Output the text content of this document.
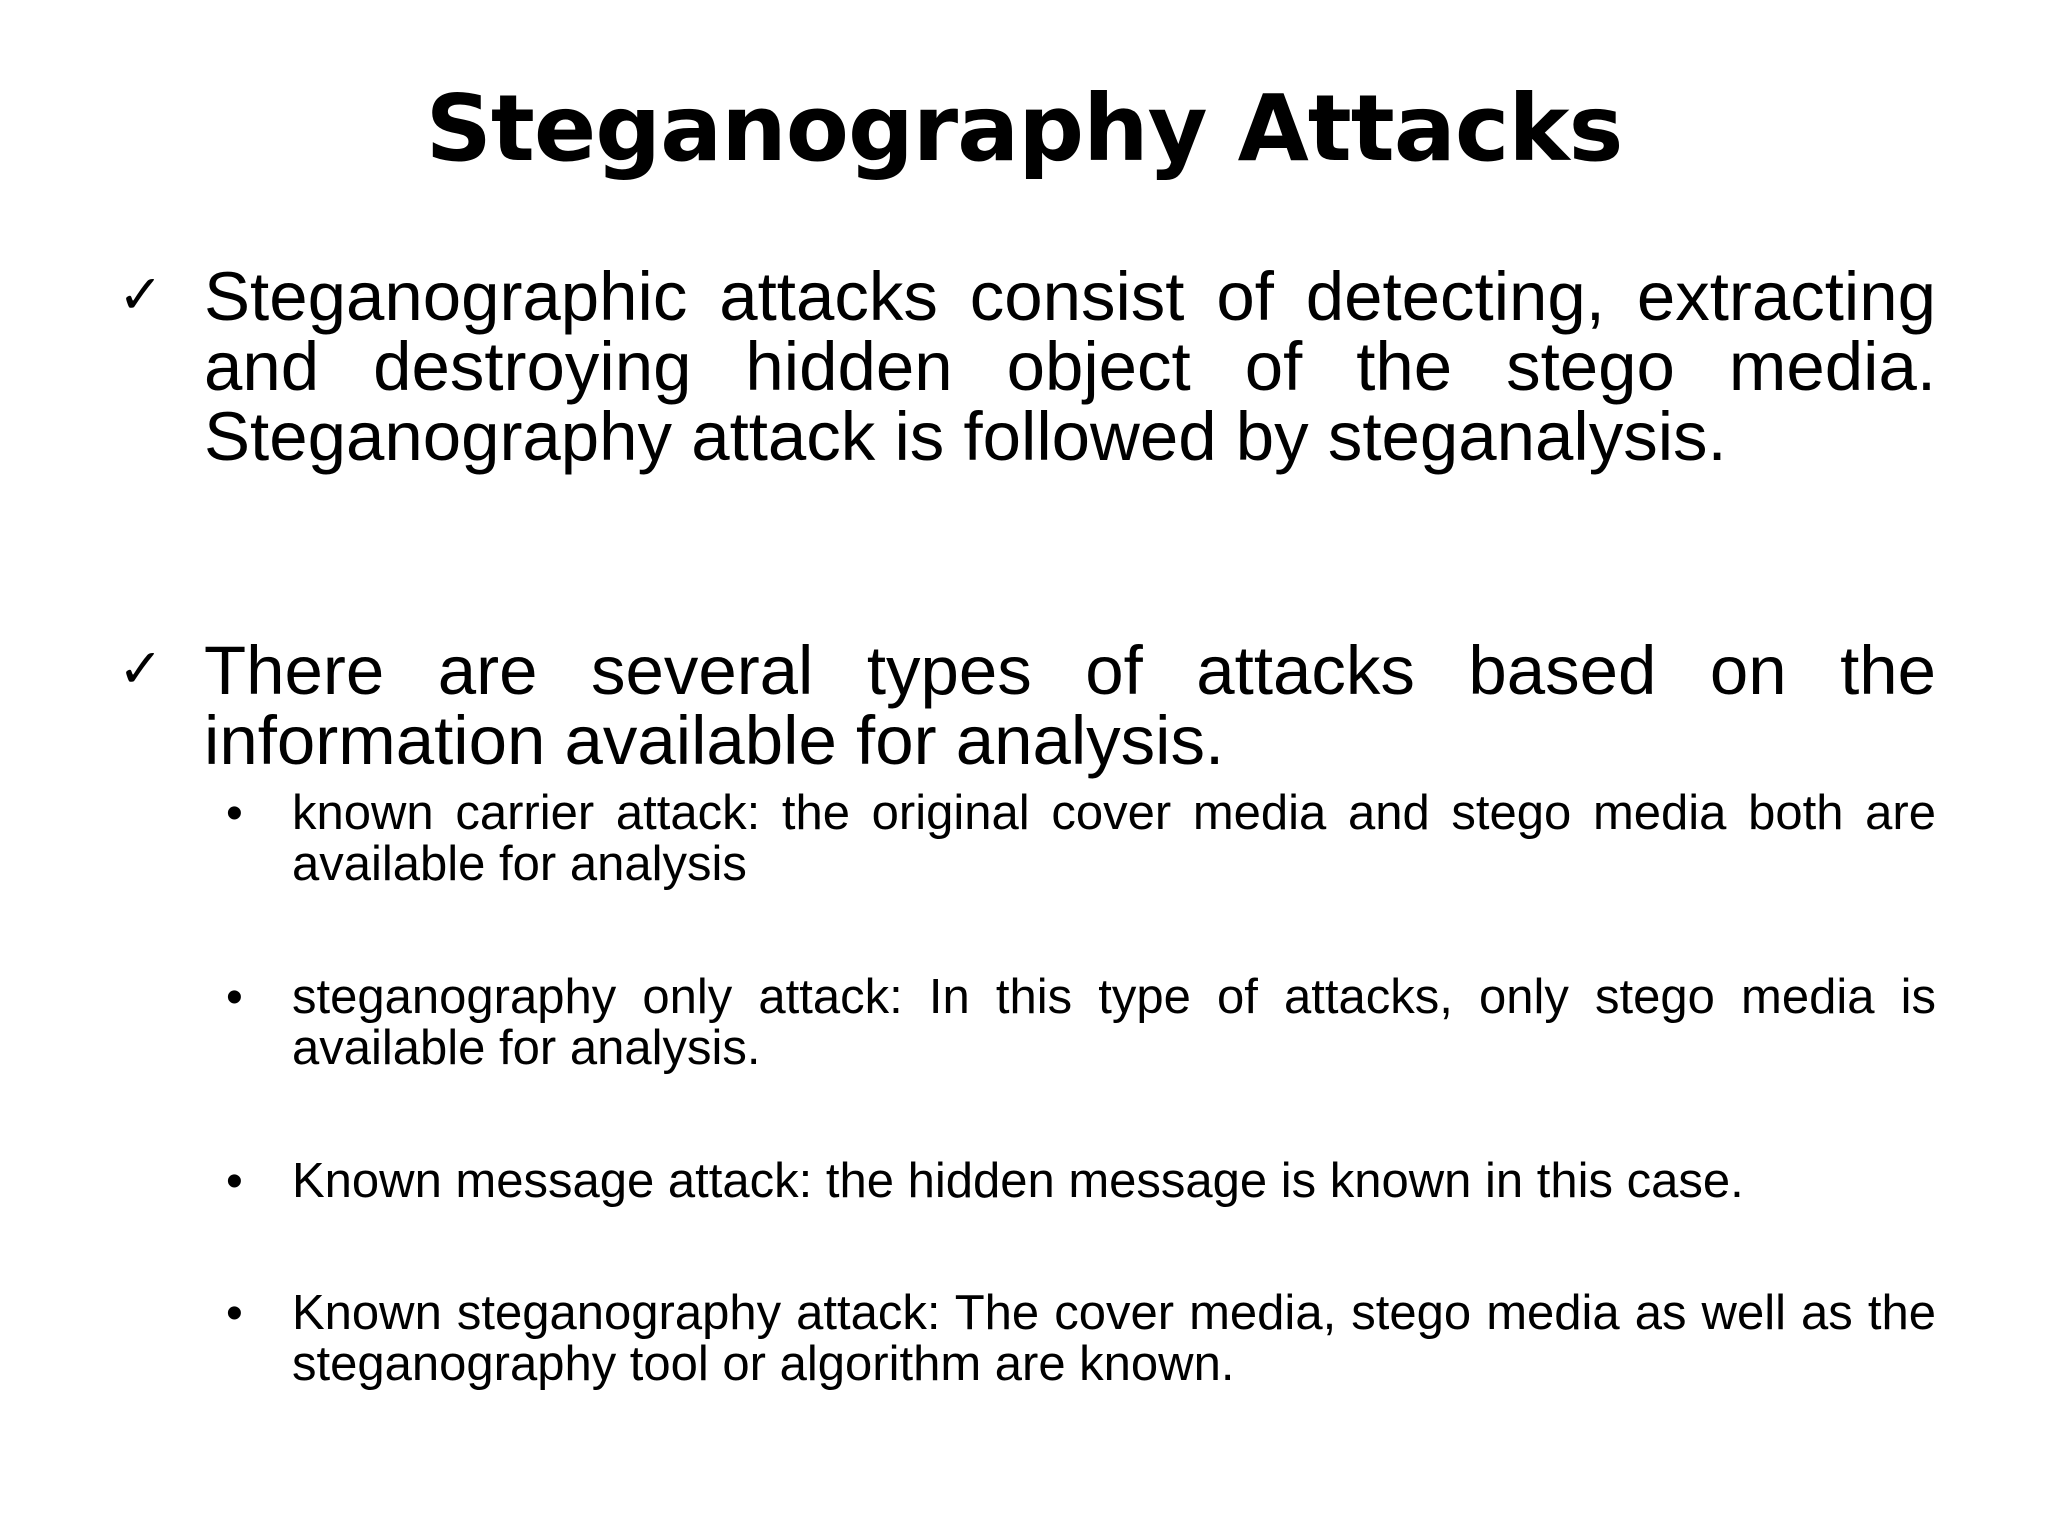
Steganography Attacks
✓ Steganographic attacks consist of detecting, extracting and destroying hidden object of the stego media. Steganography attack is followed by steganalysis.

✓ There are several types of attacks based on the information available for analysis.

• known carrier attack: the original cover media and stego media both are available for analysis

• steganography only attack: In this type of attacks, only stego media is available for analysis.

• Known message attack: the hidden message is known in this case.

• Known steganography attack: The cover media, stego media as well as the steganography tool or algorithm are known.
